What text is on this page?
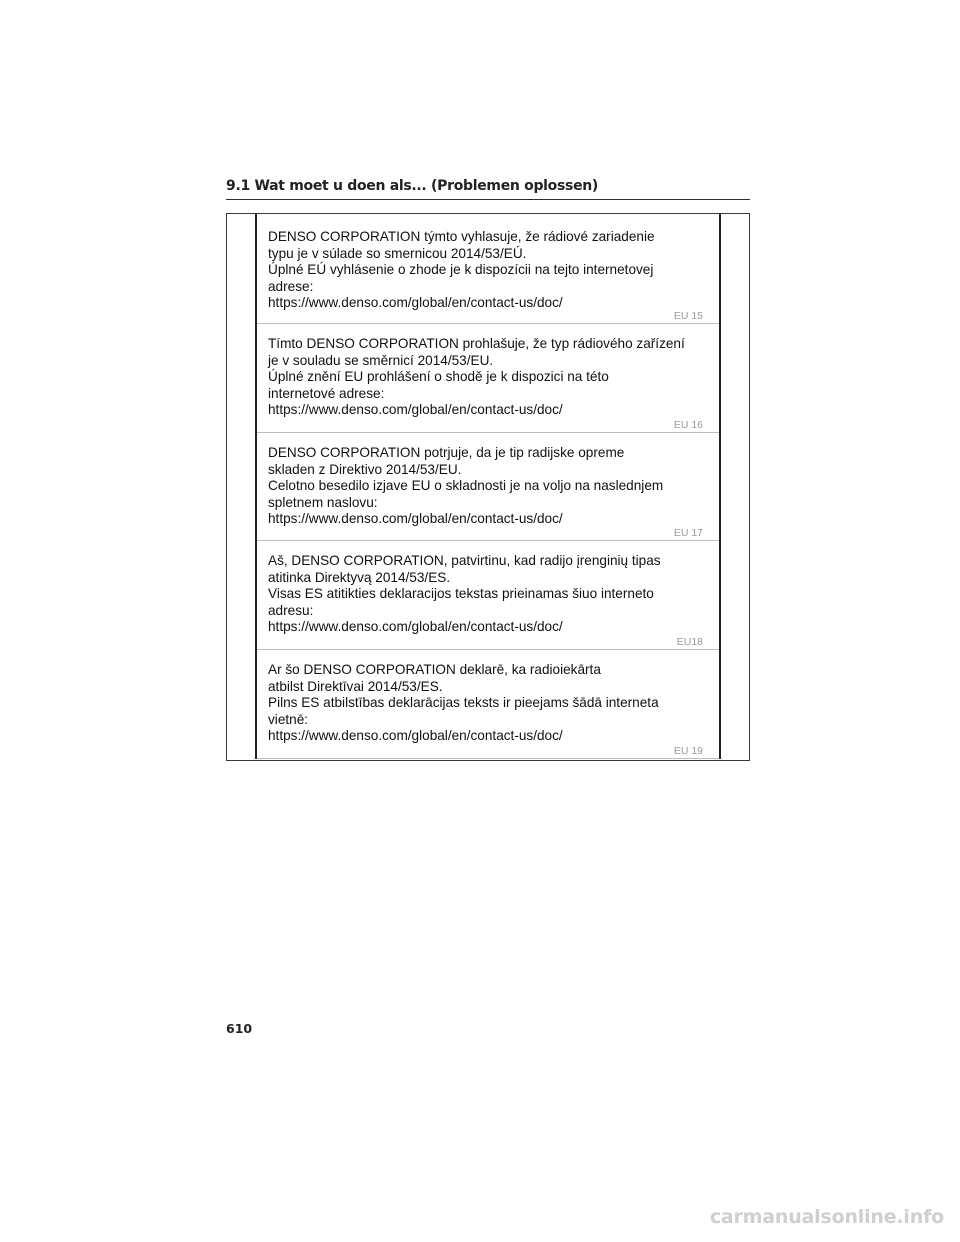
9.1 Wat moet u doen als... (Problemen oplossen)
DENSO CORPORATION týmto vyhlasuje, že rádiové zariadenie
typu je v súlade so smernicou 2014/53/EÚ.
Úplné EÚ vyhlásenie o zhode je k dispozícii na tejto internetovej
adrese:
https://www.denso.com/global/en/contact-us/doc/
EU 15
Tímto DENSO CORPORATION prohlašuje, že typ rádiového zařízení
je v souladu se směrnicí 2014/53/EU.
Úplné znění EU prohlášení o shodě je k dispozici na této
internetové adrese:
https://www.denso.com/global/en/contact-us/doc/
EU 16
DENSO CORPORATION potrjuje, da je tip radijske opreme
skladen z Direktivo 2014/53/EU.
Celotno besedilo izjave EU o skladnosti je na voljo na naslednjem
spletnem naslovu:
https://www.denso.com/global/en/contact-us/doc/
EU 17
Aš, DENSO CORPORATION, patvirtinu, kad radijo įrenginių tipas
atitinka Direktyvą 2014/53/ES.
Visas ES atitikties deklaracijos tekstas prieinamas šiuo interneto
adresu:
https://www.denso.com/global/en/contact-us/doc/
EU18
Ar šo DENSO CORPORATION deklarē, ka radioiekārta
atbilst Direktīvai 2014/53/ES.
Pilns ES atbilstības deklarācijas teksts ir pieejams šādā interneta
vietnē:
https://www.denso.com/global/en/contact-us/doc/
EU 19
610
carmanualsonline.info
